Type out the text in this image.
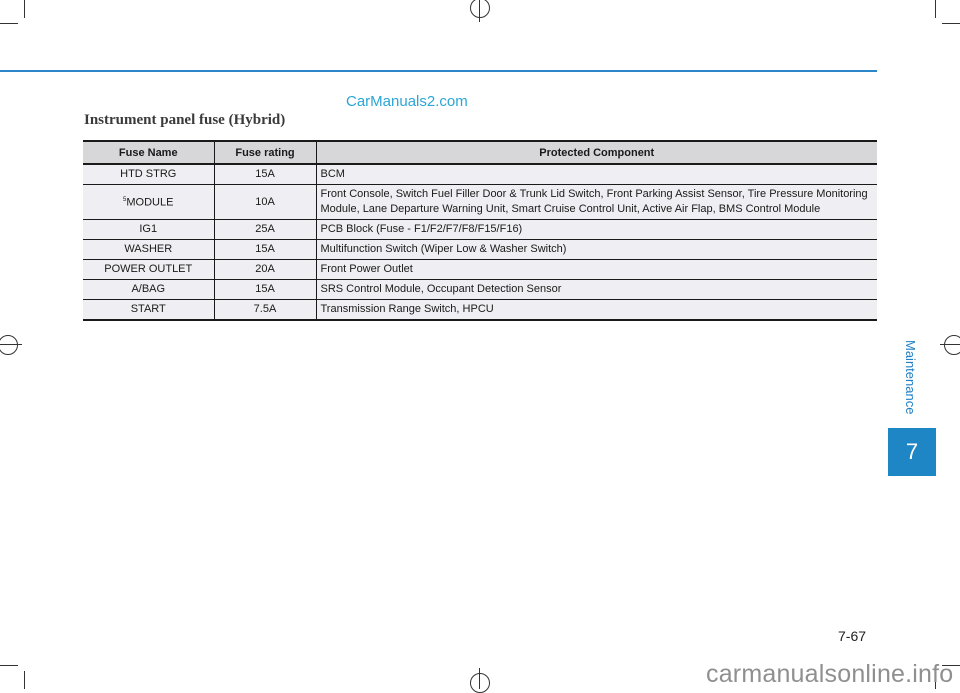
CarManuals2.com
Instrument panel fuse (Hybrid)
Fuse Name	Fuse rating	Protected Component
HTD STRG	15A	BCM
$^5$MODULE	10A	Front Console, Switch Fuel Filler Door & Trunk Lid Switch, Front Parking Assist Sensor, Tire Pressure Monitoring Module, Lane Departure Warning Unit, Smart Cruise Control Unit, Active Air Flap, BMS Control Module
IG1	25A	PCB Block (Fuse - F1/F2/F7/F8/F15/F16)
WASHER	15A	Multifunction Switch (Wiper Low & Washer Switch)
POWER OUTLET	20A	Front Power Outlet
A/BAG	15A	SRS Control Module, Occupant Detection Sensor
START	7.5A	Transmission Range Switch, HPCU
Maintenance
7
7-67
carmanualsonline.info
